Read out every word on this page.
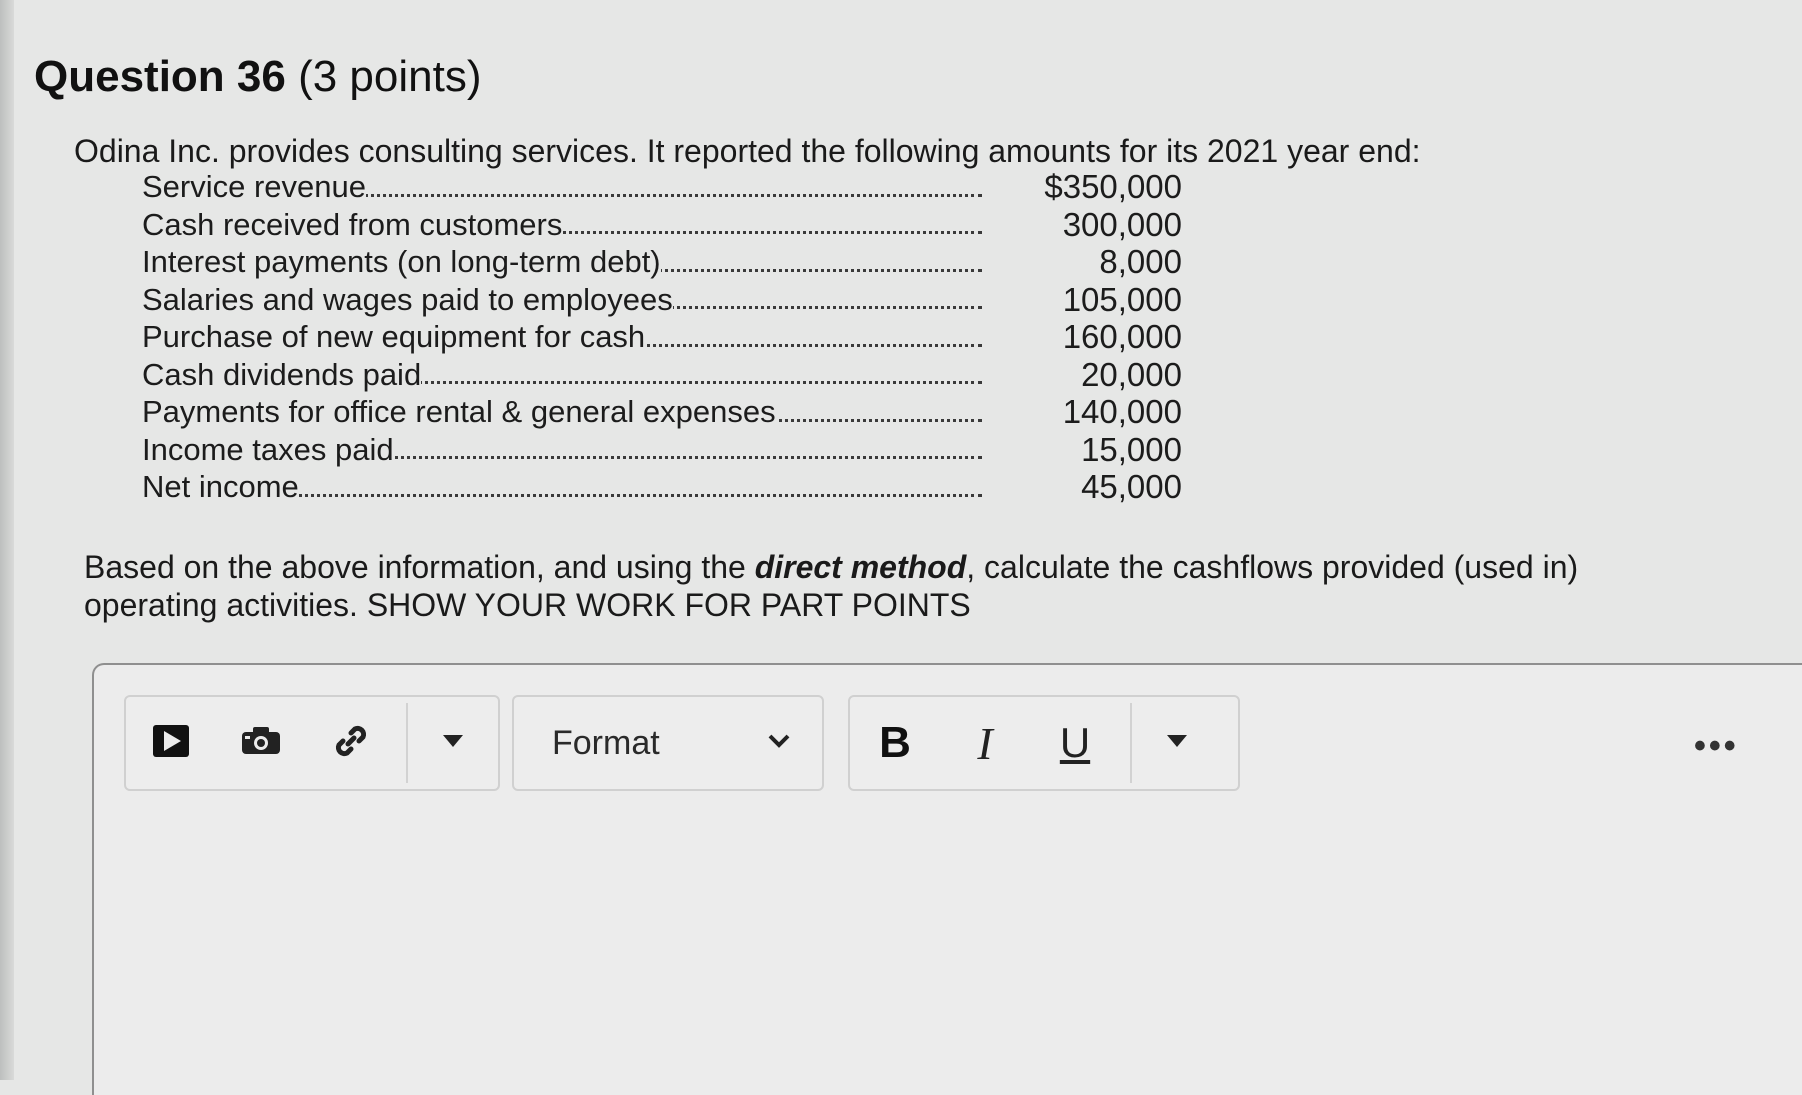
Question 36 (3 points)
Odina Inc. provides consulting services. It reported the following amounts for its 2021 year end:
Service revenue	$350,000
Cash received from customers	300,000
Interest payments (on long-term debt)	8,000
Salaries and wages paid to employees	105,000
Purchase of new equipment for cash	160,000
Cash dividends paid	20,000
Payments for office rental & general expenses	140,000
Income taxes paid	15,000
Net income	45,000
Based on the above information, and using the direct method, calculate the cashflows provided (used in)
operating activities. SHOW YOUR WORK FOR PART POINTS
Format	B I U	•••
